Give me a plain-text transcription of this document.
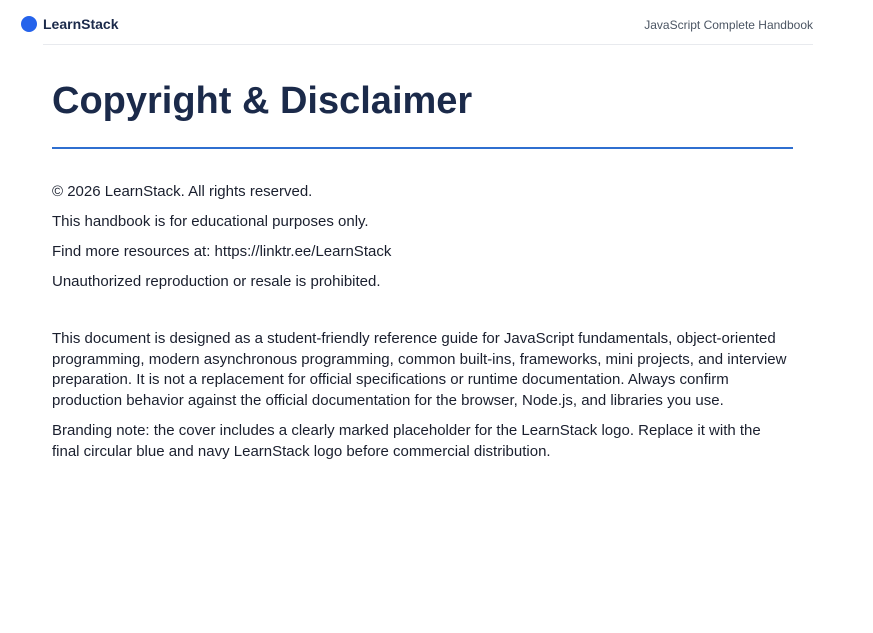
LearnStack	JavaScript Complete Handbook
Copyright & Disclaimer

© 2026 LearnStack. All rights reserved.

This handbook is for educational purposes only.

Find more resources at: https://linktr.ee/LearnStack

Unauthorized reproduction or resale is prohibited.

This document is designed as a student-friendly reference guide for JavaScript fundamentals, object-oriented programming, modern asynchronous programming, common built-ins, frameworks, mini projects, and interview preparation. It is not a replacement for official specifications or runtime documentation. Always confirm production behavior against the official documentation for the browser, Node.js, and libraries you use.

Branding note: the cover includes a clearly marked placeholder for the LearnStack logo. Replace it with the final circular blue and navy LearnStack logo before commercial distribution.
